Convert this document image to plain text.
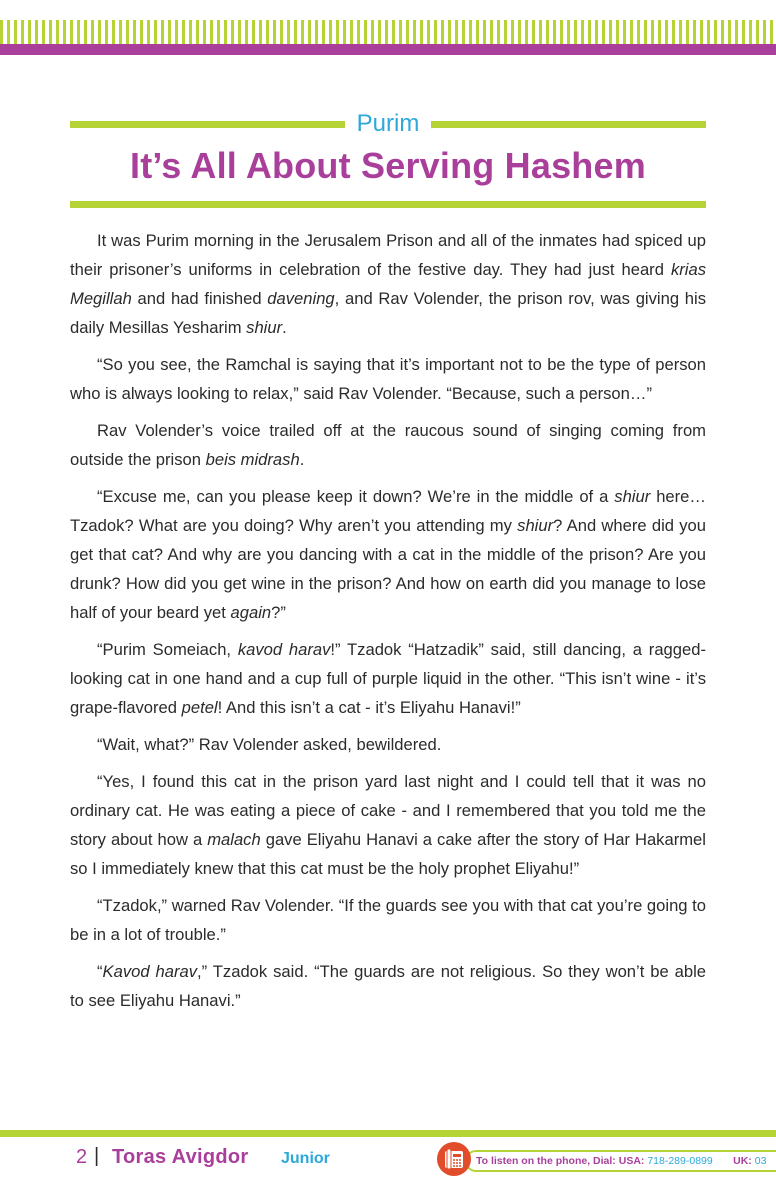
Purim
It’s All About Serving Hashem

It was Purim morning in the Jerusalem Prison and all of the inmates had spiced up their prisoner’s uniforms in celebration of the festive day. They had just heard krias Megillah and had finished davening, and Rav Volender, the prison rov, was giving his daily Mesillas Yesharim shiur.

“So you see, the Ramchal is saying that it’s important not to be the type of person who is always looking to relax,” said Rav Volender. “Because, such a person…”

Rav Volender’s voice trailed off at the raucous sound of singing coming from outside the prison beis midrash.

“Excuse me, can you please keep it down? We’re in the middle of a shiur here… Tzadok? What are you doing? Why aren’t you attending my shiur? And where did you get that cat? And why are you dancing with a cat in the middle of the prison? Are you drunk? How did you get wine in the prison? And how on earth did you manage to lose half of your beard yet again?”

“Purim Someiach, kavod harav!” Tzadok “Hatzadik” said, still dancing, a ragged-looking cat in one hand and a cup full of purple liquid in the other. “This isn’t wine - it’s grape-flavored petel! And this isn’t a cat - it’s Eliyahu Hanavi!”

“Wait, what?” Rav Volender asked, bewildered.

“Yes, I found this cat in the prison yard last night and I could tell that it was no ordinary cat. He was eating a piece of cake - and I remembered that you told me the story about how a malach gave Eliyahu Hanavi a cake after the story of Har Hakarmel so I immediately knew that this cat must be the holy prophet Eliyahu!”

“Tzadok,” warned Rav Volender. “If the guards see you with that cat you’re going to be in a lot of trouble.”

“Kavod harav,” Tzadok said. “The guards are not religious. So they won’t be able to see Eliyahu Hanavi.”

2 | Toras Avigdor Junior	To listen on the phone, Dial: USA: 718-289-0899 UK: 03
